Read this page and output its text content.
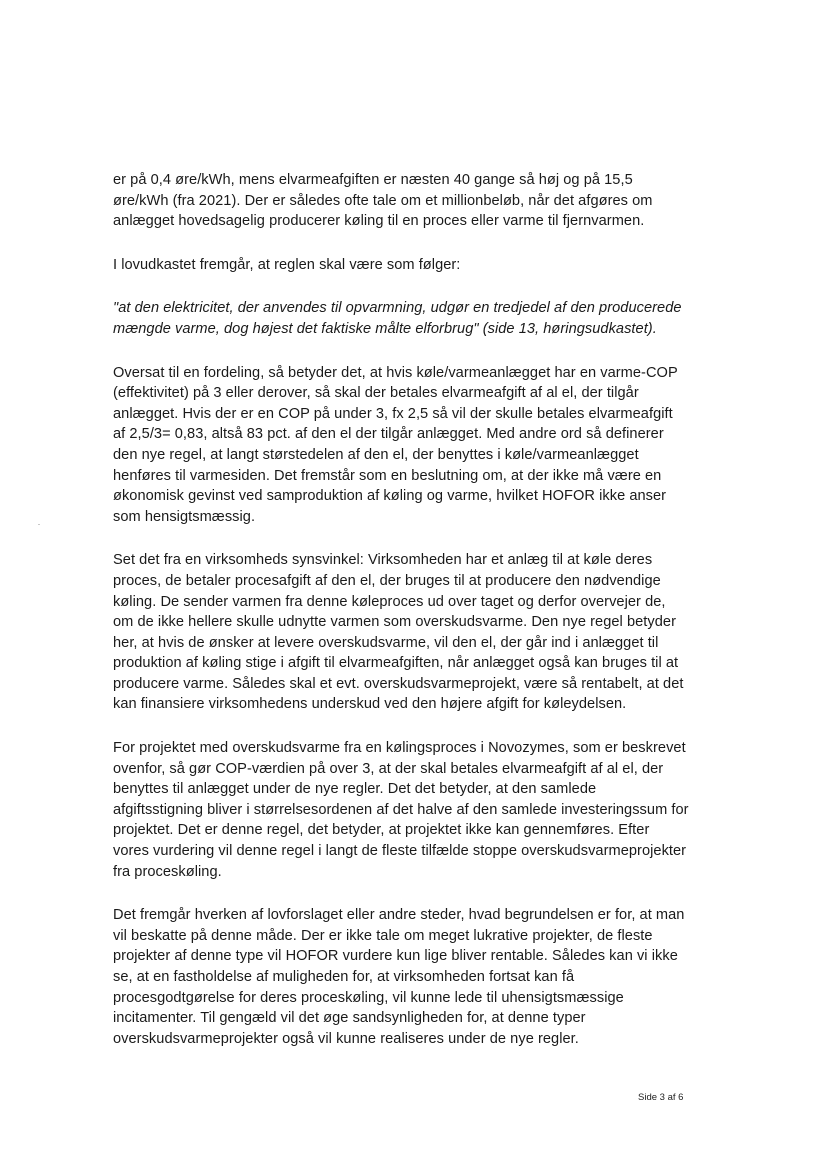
er på 0,4 øre/kWh, mens elvarmeafgiften er næsten 40 gange så høj og på 15,5
øre/kWh (fra 2021). Der er således ofte tale om et millionbeløb, når det afgøres om
anlægget hovedsagelig producerer køling til en proces eller varme til fjernvarmen.

I lovudkastet fremgår, at reglen skal være som følger:

"at den elektricitet, der anvendes til opvarmning, udgør en tredjedel af den producerede
mængde varme, dog højest det faktiske målte elforbrug" (side 13, høringsudkastet).

Oversat til en fordeling, så betyder det, at hvis køle/varmeanlægget har en varme-COP
(effektivitet) på 3 eller derover, så skal der betales elvarmeafgift af al el, der tilgår
anlægget. Hvis der er en COP på under 3, fx 2,5 så vil der skulle betales elvarmeafgift
af 2,5/3= 0,83, altså 83 pct. af den el der tilgår anlægget. Med andre ord så definerer
den nye regel, at langt størstedelen af den el, der benyttes i køle/varmeanlægget
henføres til varmesiden. Det fremstår som en beslutning om, at der ikke må være en
økonomisk gevinst ved samproduktion af køling og varme, hvilket HOFOR ikke anser
som hensigtsmæssig.

Set det fra en virksomheds synsvinkel: Virksomheden har et anlæg til at køle deres
proces, de betaler procesafgift af den el, der bruges til at producere den nødvendige
køling. De sender varmen fra denne køleproces ud over taget og derfor overvejer de,
om de ikke hellere skulle udnytte varmen som overskudsvarme. Den nye regel betyder
her, at hvis de ønsker at levere overskudsvarme, vil den el, der går ind i anlægget til
produktion af køling stige i afgift til elvarmeafgiften, når anlægget også kan bruges til at
producere varme. Således skal et evt. overskudsvarmeprojekt, være så rentabelt, at det
kan finansiere virksomhedens underskud ved den højere afgift for køleydelsen.

For projektet med overskudsvarme fra en kølingsproces i Novozymes, som er beskrevet
ovenfor, så gør COP-værdien på over 3, at der skal betales elvarmeafgift af al el, der
benyttes til anlægget under de nye regler. Det det betyder, at den samlede
afgiftsstigning bliver i størrelsesordenen af det halve af den samlede investeringssum for
projektet. Det er denne regel, det betyder, at projektet ikke kan gennemføres. Efter
vores vurdering vil denne regel i langt de fleste tilfælde stoppe overskudsvarmeprojekter
fra proceskøling.

Det fremgår hverken af lovforslaget eller andre steder, hvad begrundelsen er for, at man
vil beskatte på denne måde. Der er ikke tale om meget lukrative projekter, de fleste
projekter af denne type vil HOFOR vurdere kun lige bliver rentable. Således kan vi ikke
se, at en fastholdelse af muligheden for, at virksomheden fortsat kan få
procesgodtgørelse for deres proceskøling, vil kunne lede til uhensigtsmæssige
incitamenter. Til gengæld vil det øge sandsynligheden for, at denne typer
overskudsvarmeprojekter også vil kunne realiseres under de nye regler.

Side 3 af 6
